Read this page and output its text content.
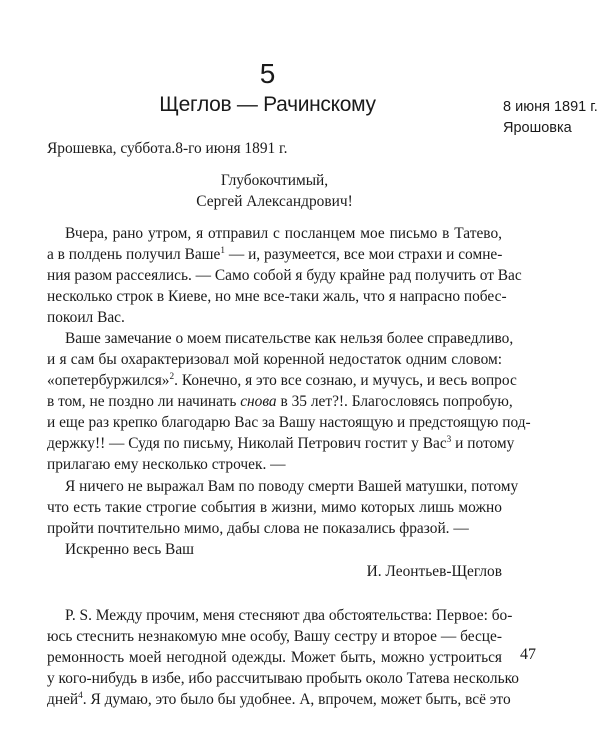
5
Щеглов — Рачинскому	8 июня 1891 г.
Ярошовка
Ярошевка, суббота.8-го июня 1891 г.
Глубокочтимый,
Сергей Александрович!
Вчера, рано утром, я отправил с посланцем мое письмо в Татево,
а в полдень получил Ваше$^1$ — и, разумеется, все мои страхи и сомне-
ния разом рассеялись. — Само собой я буду крайне рад получить от Вас
несколько строк в Киеве, но мне все-таки жаль, что я напрасно побес-
покоил Вас.
Ваше замечание о моем писательстве как нельзя более справедливо,
и я сам бы охарактеризовал мой коренной недостаток одним словом:
«опетербуржился»$^2$. Конечно, я это все сознаю, и мучусь, и весь вопрос
в том, не поздно ли начинать снова в 35 лет?!. Благословясь попробую,
и еще раз крепко благодарю Вас за Вашу настоящую и предстоящую под-
держку!! — Судя по письму, Николай Петрович гостит у Вас$^3$ и потому
прилагаю ему несколько строчек. —
Я ничего не выражал Вам по поводу смерти Вашей матушки, потому
что есть такие строгие события в жизни, мимо которых лишь можно
пройти почтительно мимо, дабы слова не показались фразой. —
Искренно весь Ваш
И. Леонтьев-Щеглов
P. S. Между прочим, меня стесняют два обстоятельства: Первое: бо-
юсь стеснить незнакомую мне особу, Вашу сестру и второе — бесце-
ремонность моей негодной одежды. Может быть, можно устроиться
у кого-нибудь в избе, ибо рассчитываю пробыть около Татева несколько
дней$^4$. Я думаю, это было бы удобнее. А, впрочем, может быть, всё это
47
